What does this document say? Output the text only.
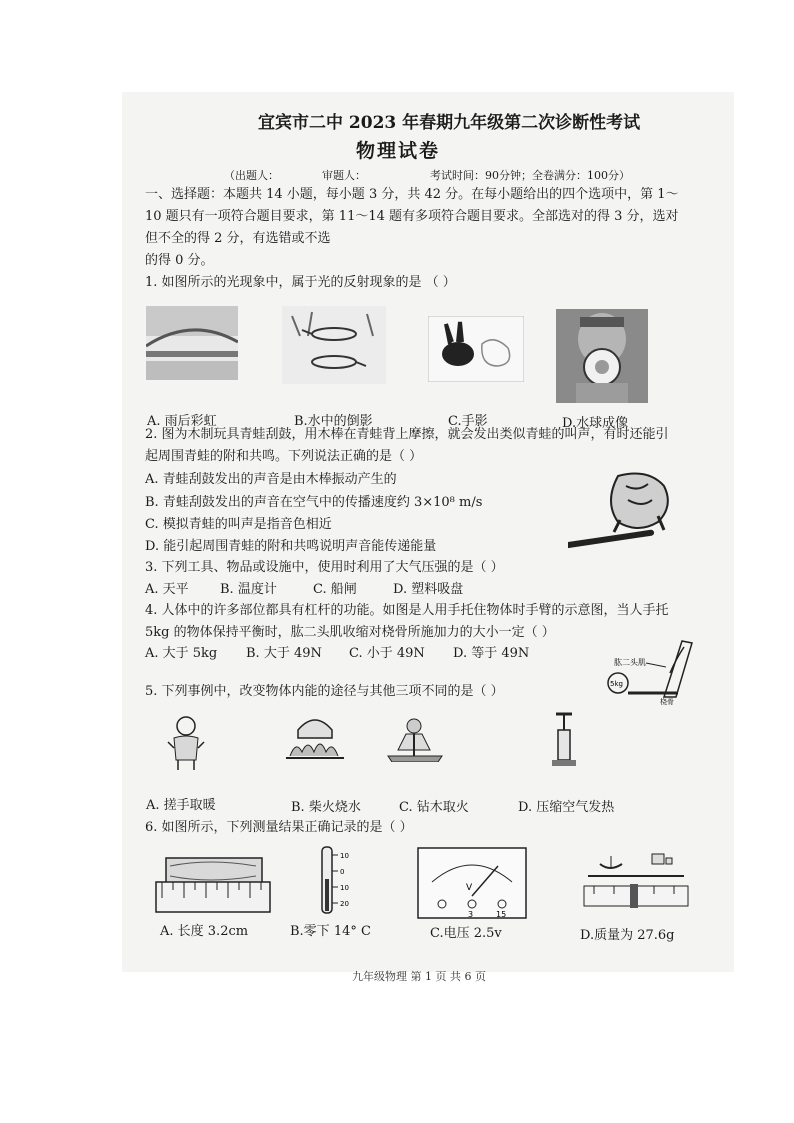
宜宾市二中 2023 年春期九年级第二次诊断性考试
物理试卷
（出题人：	审题人：	考试时间：90分钟；全卷满分：100分）
一、选择题：本题共 14 小题，每小题 3 分，共 42 分。在每小题给出的四个选项中，第 1～
10 题只有一项符合题目要求，第 11～14 题有多项符合题目要求。全部选对的得 3 分，选对
但不全的得 2 分，有选错或不选
的得 0 分。
1. 如图所示的光现象中，属于光的反射现象的是 （ ）
A. 雨后彩虹	B.水中的倒影	C.手影	D.水球成像
2. 图为木制玩具青蛙刮鼓，用木棒在青蛙背上摩擦，就会发出类似青蛙的叫声，有时还能引
起周围青蛙的附和共鸣。下列说法正确的是（ ）
A. 青蛙刮鼓发出的声音是由木棒振动产生的
B. 青蛙刮鼓发出的声音在空气中的传播速度约 3×10⁸ m/s
C. 模拟青蛙的叫声是指音色相近
D. 能引起周围青蛙的附和共鸣说明声音能传递能量
3. 下列工具、物品或设施中，使用时利用了大气压强的是（ ）
A. 天平 B. 温度计	C. 船闸	D. 塑料吸盘
4. 人体中的许多部位都具有杠杆的功能。如图是人用手托住物体时手臂的示意图，当人手托
5kg 的物体保持平衡时，肱二头肌收缩对桡骨所施加力的大小一定（ ）
A. 大于 5kg B. 大于 49N C. 小于 49N D. 等于 49N
肱二头肌
5kg
桡骨
5. 下列事例中，改变物体内能的途径与其他三项不同的是（ ）
A. 搓手取暖	B. 柴火烧水	C. 钻木取火	D. 压缩空气发热
6. 如图所示，下列测量结果正确记录的是（ ）
10
0
10
20
V
3	15
A. 长度 3.2cm	B.零下 14° C	C.电压 2.5v	D.质量为 27.6g
九年级物理 第 1 页 共 6 页
